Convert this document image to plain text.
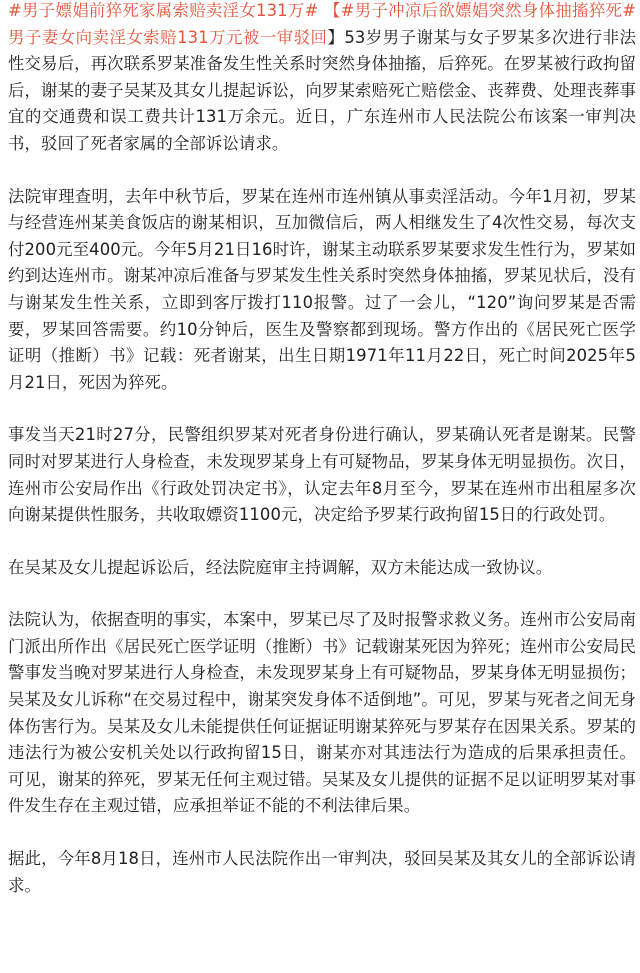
#男子嫖娼前猝死家属索赔卖淫女131万# 【#男子冲凉后欲嫖娼突然身体抽搐猝死# 男子妻女向卖淫女索赔131万元被一审驳回】53岁男子谢某与女子罗某多次进行非法性交易后，再次联系罗某准备发生性关系时突然身体抽搐，后猝死。在罗某被行政拘留后，谢某的妻子吴某及其女儿提起诉讼，向罗某索赔死亡赔偿金、丧葬费、处理丧葬事宜的交通费和误工费共计131万余元。近日，广东连州市人民法院公布该案一审判决书，驳回了死者家属的全部诉讼请求。

法院审理查明，去年中秋节后，罗某在连州市连州镇从事卖淫活动。今年1月初，罗某与经营连州某美食饭店的谢某相识，互加微信后，两人相继发生了4次性交易，每次支付200元至400元。今年5月21日16时许，谢某主动联系罗某要求发生性行为，罗某如约到达连州市。谢某冲凉后准备与罗某发生性关系时突然身体抽搐，罗某见状后，没有与谢某发生性关系，立即到客厅拨打110报警。过了一会儿，“120”询问罗某是否需要，罗某回答需要。约10分钟后，医生及警察都到现场。警方作出的《居民死亡医学证明（推断）书》记载：死者谢某，出生日期1971年11月22日，死亡时间2025年5月21日，死因为猝死。

事发当天21时27分，民警组织罗某对死者身份进行确认，罗某确认死者是谢某。民警同时对罗某进行人身检查，未发现罗某身上有可疑物品，罗某身体无明显损伤。次日，连州市公安局作出《行政处罚决定书》，认定去年8月至今，罗某在连州市出租屋多次向谢某提供性服务，共收取嫖资1100元，决定给予罗某行政拘留15日的行政处罚。

在吴某及女儿提起诉讼后，经法院庭审主持调解，双方未能达成一致协议。

法院认为，依据查明的事实，本案中，罗某已尽了及时报警求救义务。连州市公安局南门派出所作出《居民死亡医学证明（推断）书》记载谢某死因为猝死；连州市公安局民警事发当晚对罗某进行人身检查，未发现罗某身上有可疑物品，罗某身体无明显损伤；吴某及女儿诉称“在交易过程中，谢某突发身体不适倒地”。可见，罗某与死者之间无身体伤害行为。吴某及女儿未能提供任何证据证明谢某猝死与罗某存在因果关系。罗某的违法行为被公安机关处以行政拘留15日，谢某亦对其违法行为造成的后果承担责任。可见，谢某的猝死，罗某无任何主观过错。吴某及女儿提供的证据不足以证明罗某对事件发生存在主观过错，应承担举证不能的不利法律后果。

据此，今年8月18日，连州市人民法院作出一审判决，驳回吴某及其女儿的全部诉讼请求。
